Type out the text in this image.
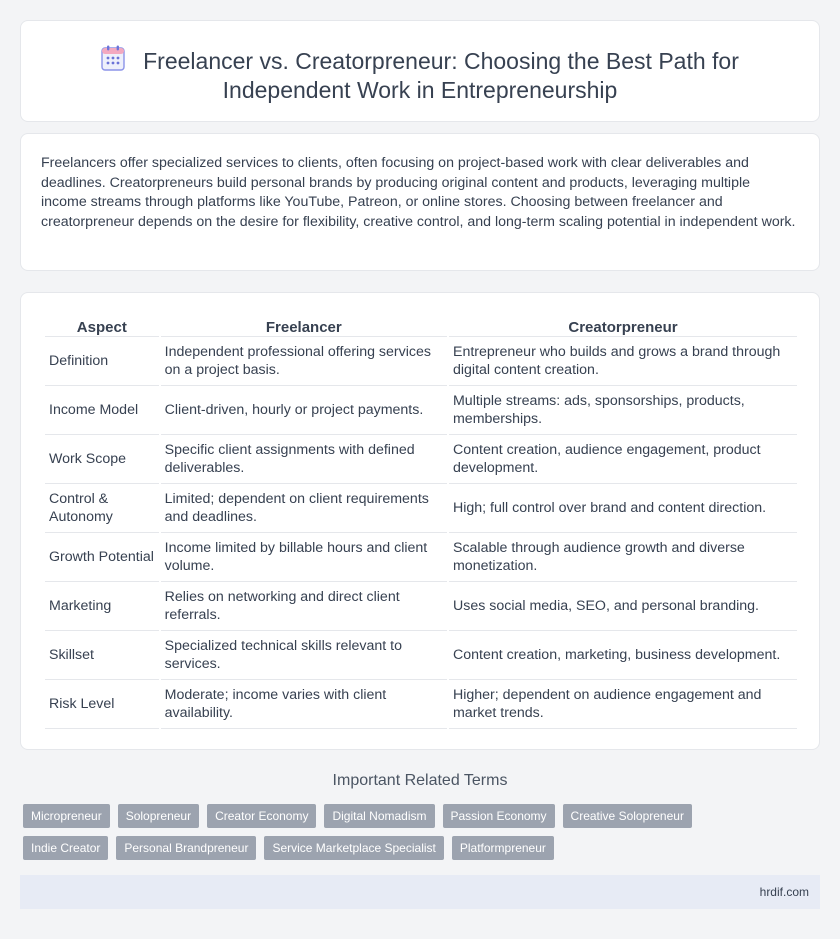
Freelancer vs. Creatorpreneur: Choosing the Best Path for
Independent Work in Entrepreneurship

Freelancers offer specialized services to clients, often focusing on project-based work with clear deliverables and deadlines. Creatorpreneurs build personal brands by producing original content and products, leveraging multiple income streams through platforms like YouTube, Patreon, or online stores. Choosing between freelancer and creatorpreneur depends on the desire for flexibility, creative control, and long-term scaling potential in independent work.

Aspect	Freelancer	Creatorpreneur
Definition	Independent professional offering services on a project basis.	Entrepreneur who builds and grows a brand through digital content creation.
Income Model	Client-driven, hourly or project payments.	Multiple streams: ads, sponsorships, products, memberships.
Work Scope	Specific client assignments with defined deliverables.	Content creation, audience engagement, product development.
Control & Autonomy	Limited; dependent on client requirements and deadlines.	High; full control over brand and content direction.
Growth Potential	Income limited by billable hours and client volume.	Scalable through audience growth and diverse monetization.
Marketing	Relies on networking and direct client referrals.	Uses social media, SEO, and personal branding.
Skillset	Specialized technical skills relevant to services.	Content creation, marketing, business development.
Risk Level	Moderate; income varies with client availability.	Higher; dependent on audience engagement and market trends.
Important Related Terms
Micropreneur	Solopreneur	Creator Economy	Digital Nomadism	Passion Economy	Creative Solopreneur
Indie Creator	Personal Brandpreneur	Service Marketplace Specialist	Platformpreneur
hrdif.com
